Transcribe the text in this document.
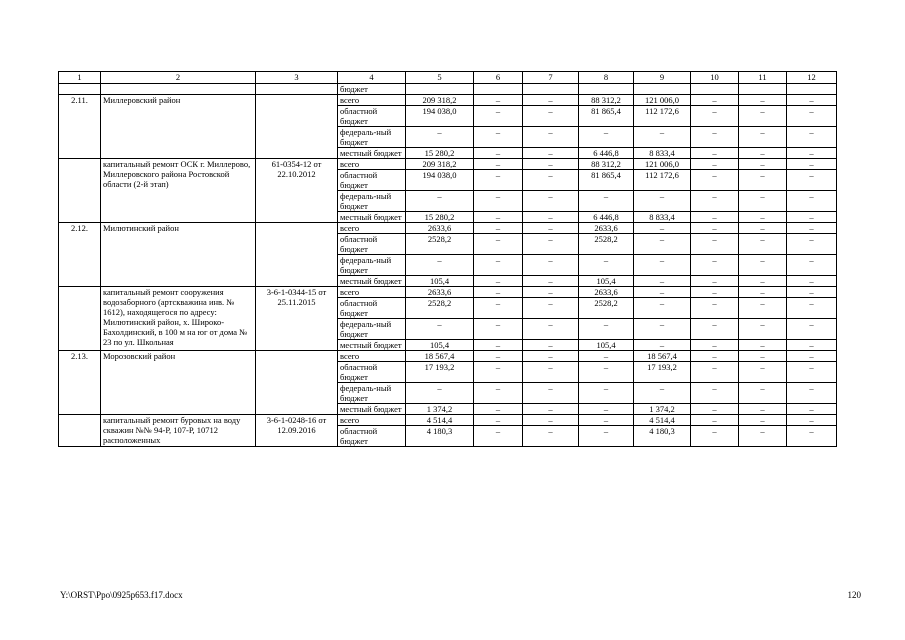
1	2	3	4	5	6	7	8	9	10	11	12
			бюджет								
2.11.	Миллеровский район		всего	209 318,2	–	–	88 312,2	121 006,0	–	–	–
			областной бюджет	194 038,0	–	–	81 865,4	112 172,6	–	–	–
			федераль-ный бюджет	–	–	–	–	–	–	–	–
			местный бюджет	15 280,2	–	–	6 446,8	8 833,4	–	–	–
	капитальный ремонт ОСК г. Миллерово, Миллеровского района Ростовской области (2-й этап)	61-0354-12 от 22.10.2012	всего	209 318,2	–	–	88 312,2	121 006,0	–	–	–
			областной бюджет	194 038,0	–	–	81 865,4	112 172,6	–	–	–
			федераль-ный бюджет	–	–	–	–	–	–	–	–
			местный бюджет	15 280,2	–	–	6 446,8	8 833,4	–	–	–
2.12.	Милютинский район		всего	2633,6	–	–	2633,6	–	–	–	–
			областной бюджет	2528,2	–	–	2528,2	–	–	–	–
			федераль-ный бюджет	–	–	–	–	–	–	–	–
			местный бюджет	105,4	–	–	105,4	–	–	–	–
	капитальный ремонт сооружения водозаборного (артскважина инв. № 1612), находящегося по адресу: Милютинский район, х. Широко-Бахолдинский, в 100 м на юг от дома № 23 по ул. Школьная	3-6-1-0344-15 от 25.11.2015	всего	2633,6	–	–	2633,6	–	–	–	–
			областной бюджет	2528,2	–	–	2528,2	–	–	–	–
			федераль-ный бюджет	–	–	–	–	–	–	–	–
			местный бюджет	105,4	–	–	105,4	–	–	–	–
2.13.	Морозовский район		всего	18 567,4	–	–	–	18 567,4	–	–	–
			областной бюджет	17 193,2	–	–	–	17 193,2	–	–	–
			федераль-ный бюджет	–	–	–	–	–	–	–	–
			местный бюджет	1 374,2	–	–	–	1 374,2	–	–	–
	капитальный ремонт буровых на воду скважин №№ 94-Р, 107-Р, 10712 расположенных	3-6-1-0248-16 от 12.09.2016	всего	4 514,4	–	–	–	4 514,4	–	–	–
			областной бюджет	4 180,3	–	–	–	4 180,3	–	–	–
Y:\ORST\Ppo\0925p653.f17.docx	120
